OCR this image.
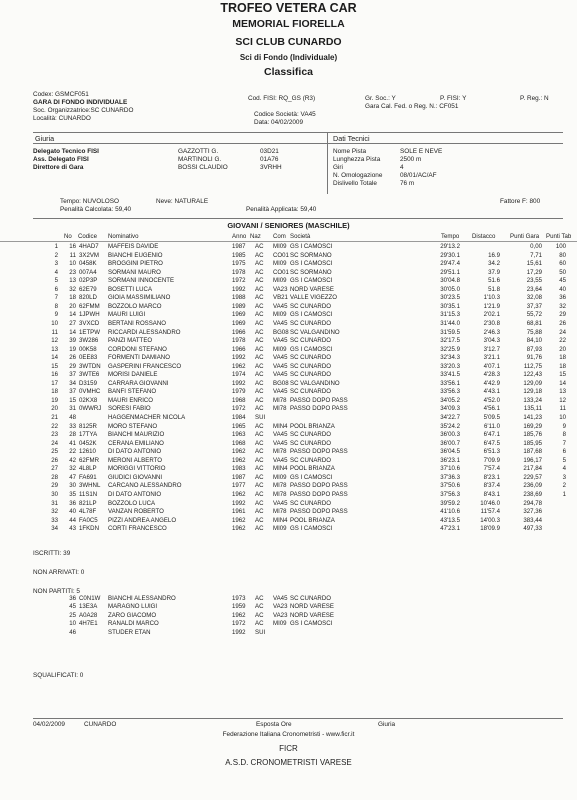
TROFEO VETERA CAR
MEMORIAL FIORELLA
SCI CLUB CUNARDO
Sci di Fondo (Individuale)
Classifica
Codex: GSMCF051
GARA DI FONDO INDIVIDUALE
Soc. Organizzatrice:SC CUNARDO
Località: CUNARDO
Cod. FISI: RQ_GS (R3)
Codice Società: VA45
Data: 04/02/2009
Gr. Soc.: Y	P. FISI: Y	P. Reg.: N
Gara Cal. Fed. o Reg. N.: CF051
Giuria	Dati Tecnici
Delegato Tecnico FISI	GAZZOTTI G.	03D21
Ass. Delegato FISI	MARTINOLI G.	01A76
Direttore di Gara	BOSSI CLAUDIO	3VRHH
Nome Pista	SOLE E NEVE
Lunghezza Pista	2500 m
Giri	4
N. Omologazione	08/01/AC/AF
Dislivello Totale	76 m
Tempo: NUVOLOSO	Neve: NATURALE	Fattore F: 800
Penalità Calcolata: 59,40	Penalità Applicata: 59,40
GIOVANI / SENIORES (MASCHILE)
No Codice Nominativo	Anno Naz Com Società	Tempo Distacco Punti Gara Punti Tab
1	16 4HAD7 MAFFEIS DAVIDE	1987 AC MI09 GS I CAMOSCI	29'13.2	0,00	100
2	11 3X2VM BIANCHI EUGENIO	1985 AC CO01 SC SORMANO	29'30.1	16.9	7,71	80
3	10 0458K BROGGINI PIETRO	1975 AC MI09 GS I CAMOSCI	29'47.4	34.2	15,61	60
4	23 007A4 SORMANI MAURO	1978 AC CO01 SC SORMANO	29'51.1	37.9	17,29	50
5	13 02P3P SORMANI INNOCENTE	1972 AC MI09 GS I CAMOSCI	30'04.8	51.6	23,55	45
6	32 62E79 BOSETTI LUCA	1992 AC VA23 NORD VARESE	30'05.0	51.8	23,64	40
7	18 820LD GIOIA MASSIMILIANO	1988 AC VB21 VALLE VIGEZZO	30'23.5	1'10.3	32,08	36
8	20 62FMM BOZZOLO MARCO	1989 AC VA45 SC CUNARDO	30'35.1	1'21.9	37,37	32
9	14 1JPWH MAURI LUIGI	1969 AC MI09 GS I CAMOSCI	31'15.3	2'02.1	55,72	29
10	27 3VXCD BERTANI ROSSANO	1969 AC VA45 SC CUNARDO	31'44.0	2'30.8	68,81	26
11	14 1ETPW RICCARDI ALESSANDRO	1966 AC BG08 SC VALGANDINO	31'59.5	2'46.3	75,88	24
12	39 3W286 PANZI MATTEO	1978 AC VA45 SC CUNARDO	32'17.5	3'04.3	84,10	22
13	19 00K58 CORDONI STEFANO	1966 AC MI09 GS I CAMOSCI	32'25.9	3'12.7	87,93	20
14	26 0EE83 FORMENTI DAMIANO	1992 AC VA45 SC CUNARDO	32'34.3	3'21.1	91,76	18
15	29 3WTDN GASPERINI FRANCESCO	1962 AC VA45 SC CUNARDO	33'20.3	4'07.1	112,75	18
16	37 3WTE6 MORISI DANIELE	1974 AC VA45 SC CUNARDO	33'41.5	4'28.3	122,43	15
17	34 D3159 CARRARA GIOVANNI	1992 AC BG08 SC VALGANDINO	33'56.1	4'42.9	129,09	14
18	37 0VMHC BANFI STEFANO	1979 AC VA45 SC CUNARDO	33'56.3	4'43.1	129,18	13
19	15 02KX8 MAURI ENRICO	1968 AC MI78 PASSO DOPO PASS	34'05.2	4'52.0	133,24	12
20	31 0WWRJ SORESI FABIO	1972 AC MI78 PASSO DOPO PASS	34'09.3	4'56.1	135,11	11
21	48	HAGGENMACHER NICOLA	1984 SUI	34'22.7	5'09.5	141,23	10
22	33 8125R MORO STEFANO	1965 AC MIN4 POOL BRIANZA	35'24.2	6'11.0	169,29	9
23	28 17TYA BIANCHI MAURIZIO	1963 AC VA45 SC CUNARDO	36'00.3	6'47.1	185,76	8
24	41 0452K CERANA EMILIANO	1968 AC VA45 SC CUNARDO	36'00.7	6'47.5	185,95	7
25	22 12610 DI DATO ANTONIO	1962 AC MI78 PASSO DOPO PASS	36'04.5	6'51.3	187,68	6
26	42 62FMR MERONI ALBERTO	1962 AC VA45 SC CUNARDO	36'23.1	7'09.9	196,17	5
27	32 4L8LP MORIGGI VITTORIO	1983 AC MIN4 POOL BRIANZA	37'10.6	7'57.4	217,84	4
28	47 FA691 GIUDICI GIOVANNI	1987 AC MI09 GS I CAMOSCI	37'36.3	8'23.1	229,57	3
29	30 3WHNL CARCANO ALESSANDRO	1977 AC MI78 PASSO DOPO PASS	37'50.6	8'37.4	236,09	2
30	35 11S1N DI DATO ANTONIO	1962 AC MI78 PASSO DOPO PASS	37'56.3	8'43.1	238,69	1
31	36 821LP BOZZOLO LUCA	1992 AC VA45 SC CUNARDO	39'59.2	10'46.0	294,78
32	40 4L78F VANZAN ROBERTO	1961 AC MI78 PASSO DOPO PASS	41'10.6	11'57.4	327,36
33	44 FA0C5 PIZZI ANDREA ANGELO	1962 AC MIN4 POOL BRIANZA	43'13.5	14'00.3	383,44
34	43 1FKDN CORTI FRANCESCO	1962 AC MI09 GS I CAMOSCI	47'23.1	18'09.9	497,33
ISCRITTI: 39
NON ARRIVATI: 0
NON PARTITI: 5
36 C0N1W BIANCHI ALESSANDRO	1973 AC VA45 SC CUNARDO
45 13E3A MARAGNO LUIGI	1959 AC VA23 NORD VARESE
25 A0A28 ZARO GIACOMO	1962 AC VA23 NORD VARESE
10 4H7E1 RANALDI MARCO	1972 AC MI09 GS I CAMOSCI
46	STUDER ETAN	1992 SUI
SQUALIFICATI: 0
04/02/2009	CUNARDO	Esposta Ore	Giuria
Federazione Italiana Cronometristi - www.ficr.it
FICR
A.S.D. CRONOMETRISTI VARESE
